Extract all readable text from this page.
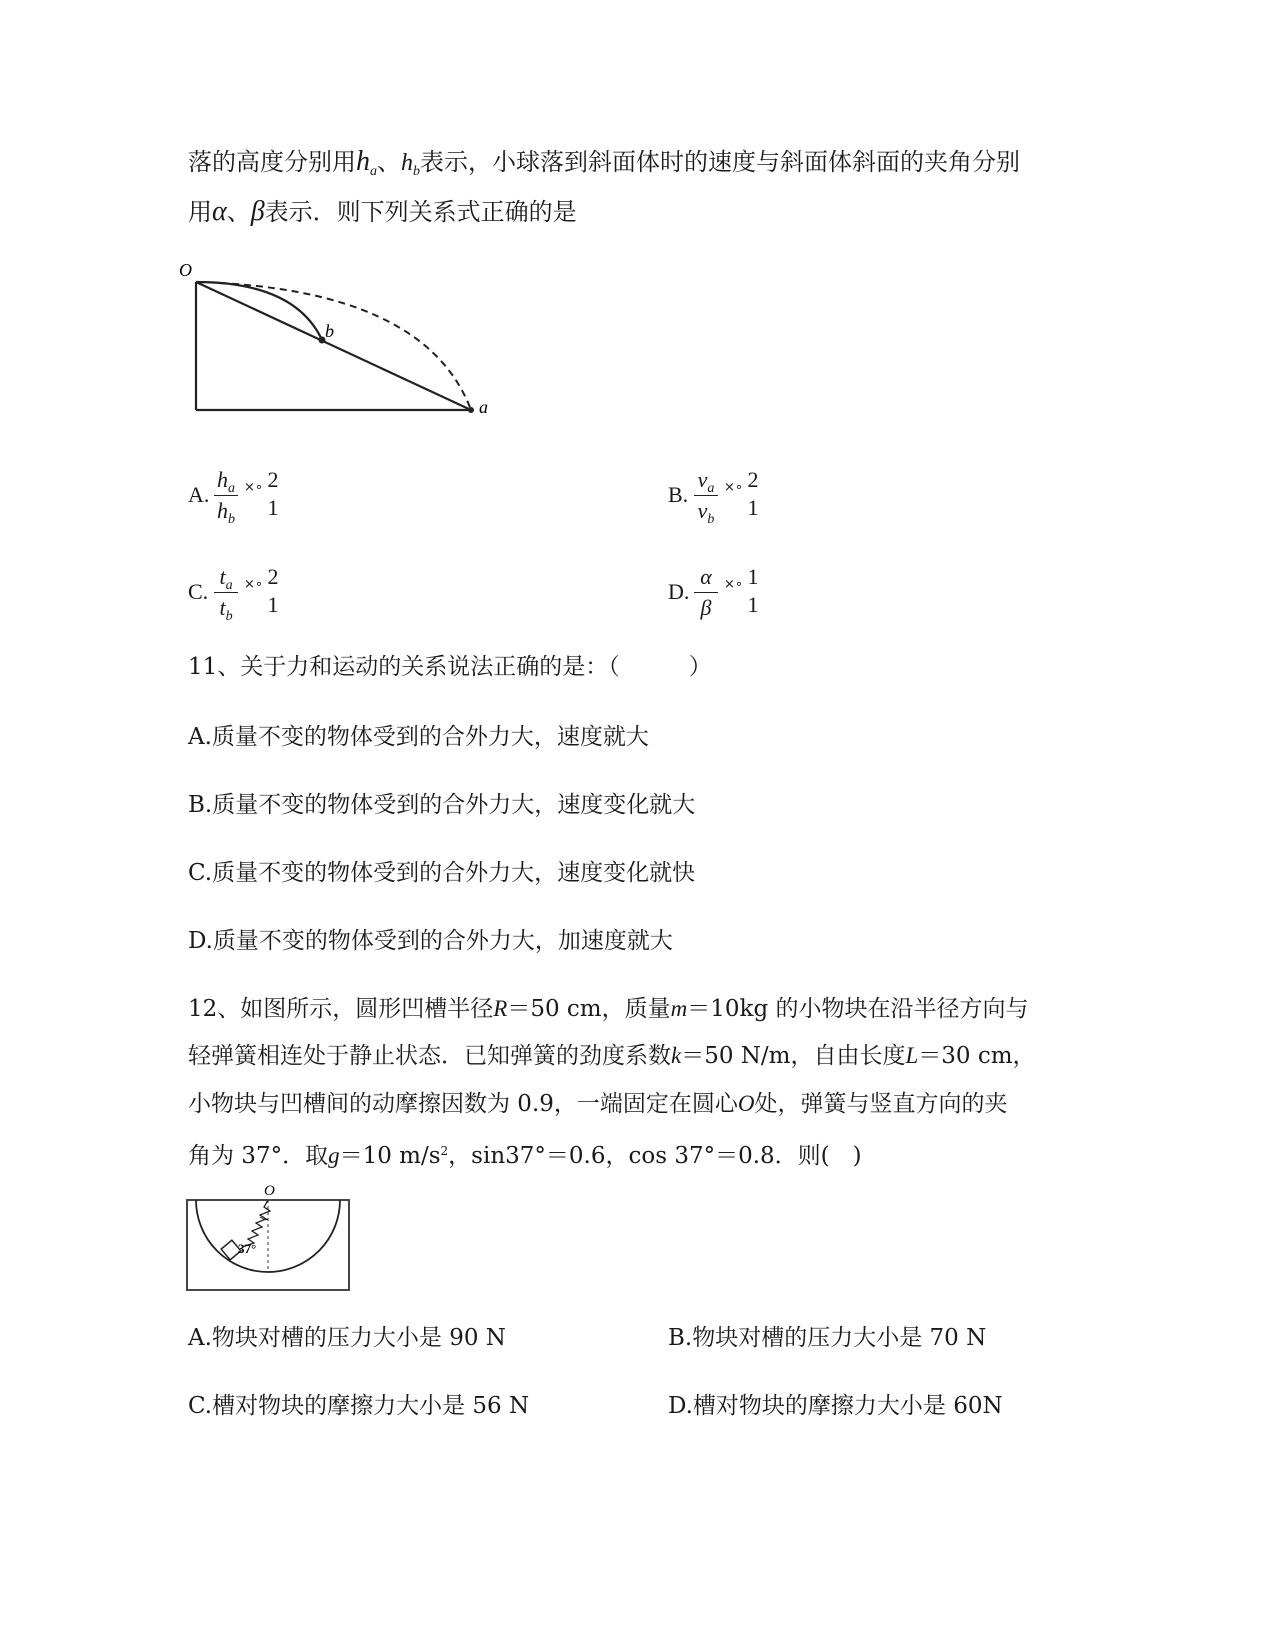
落的高度分别用$h_a$、$h_b$表示，小球落到斜面体时的速度与斜面体斜面的夹角分别
用α、β表示．则下列关系式正确的是
O
b
a
A.
$h_a$
$h_b$
×∘ 2
1
B.
$v_a$
$v_b$
×∘ 2
1
C.
$t_a$
$t_b$
×∘ 2
1
D.
α
β
×∘ 1
1
11、关于力和运动的关系说法正确的是：（　　　）
A.质量不变的物体受到的合外力大，速度就大
B.质量不变的物体受到的合外力大，速度变化就大
C.质量不变的物体受到的合外力大，速度变化就快
D.质量不变的物体受到的合外力大，加速度就大
12、如图所示，圆形凹槽半径R＝50 cm，质量m＝10kg 的小物块在沿半径方向与
轻弹簧相连处于静止状态．已知弹簧的劲度系数k＝50 N/m，自由长度L＝30 cm，
小物块与凹槽间的动摩擦因数为 0.9，一端固定在圆心O处，弹簧与竖直方向的夹
角为 37°．取g＝10 $m/s^2$，sin37°＝0.6，cos 37°＝0.8．则(　)
O
37°
A.物块对槽的压力大小是 90 N	B.物块对槽的压力大小是 70 N
C.槽对物块的摩擦力大小是 56 N	D.槽对物块的摩擦力大小是 60N
